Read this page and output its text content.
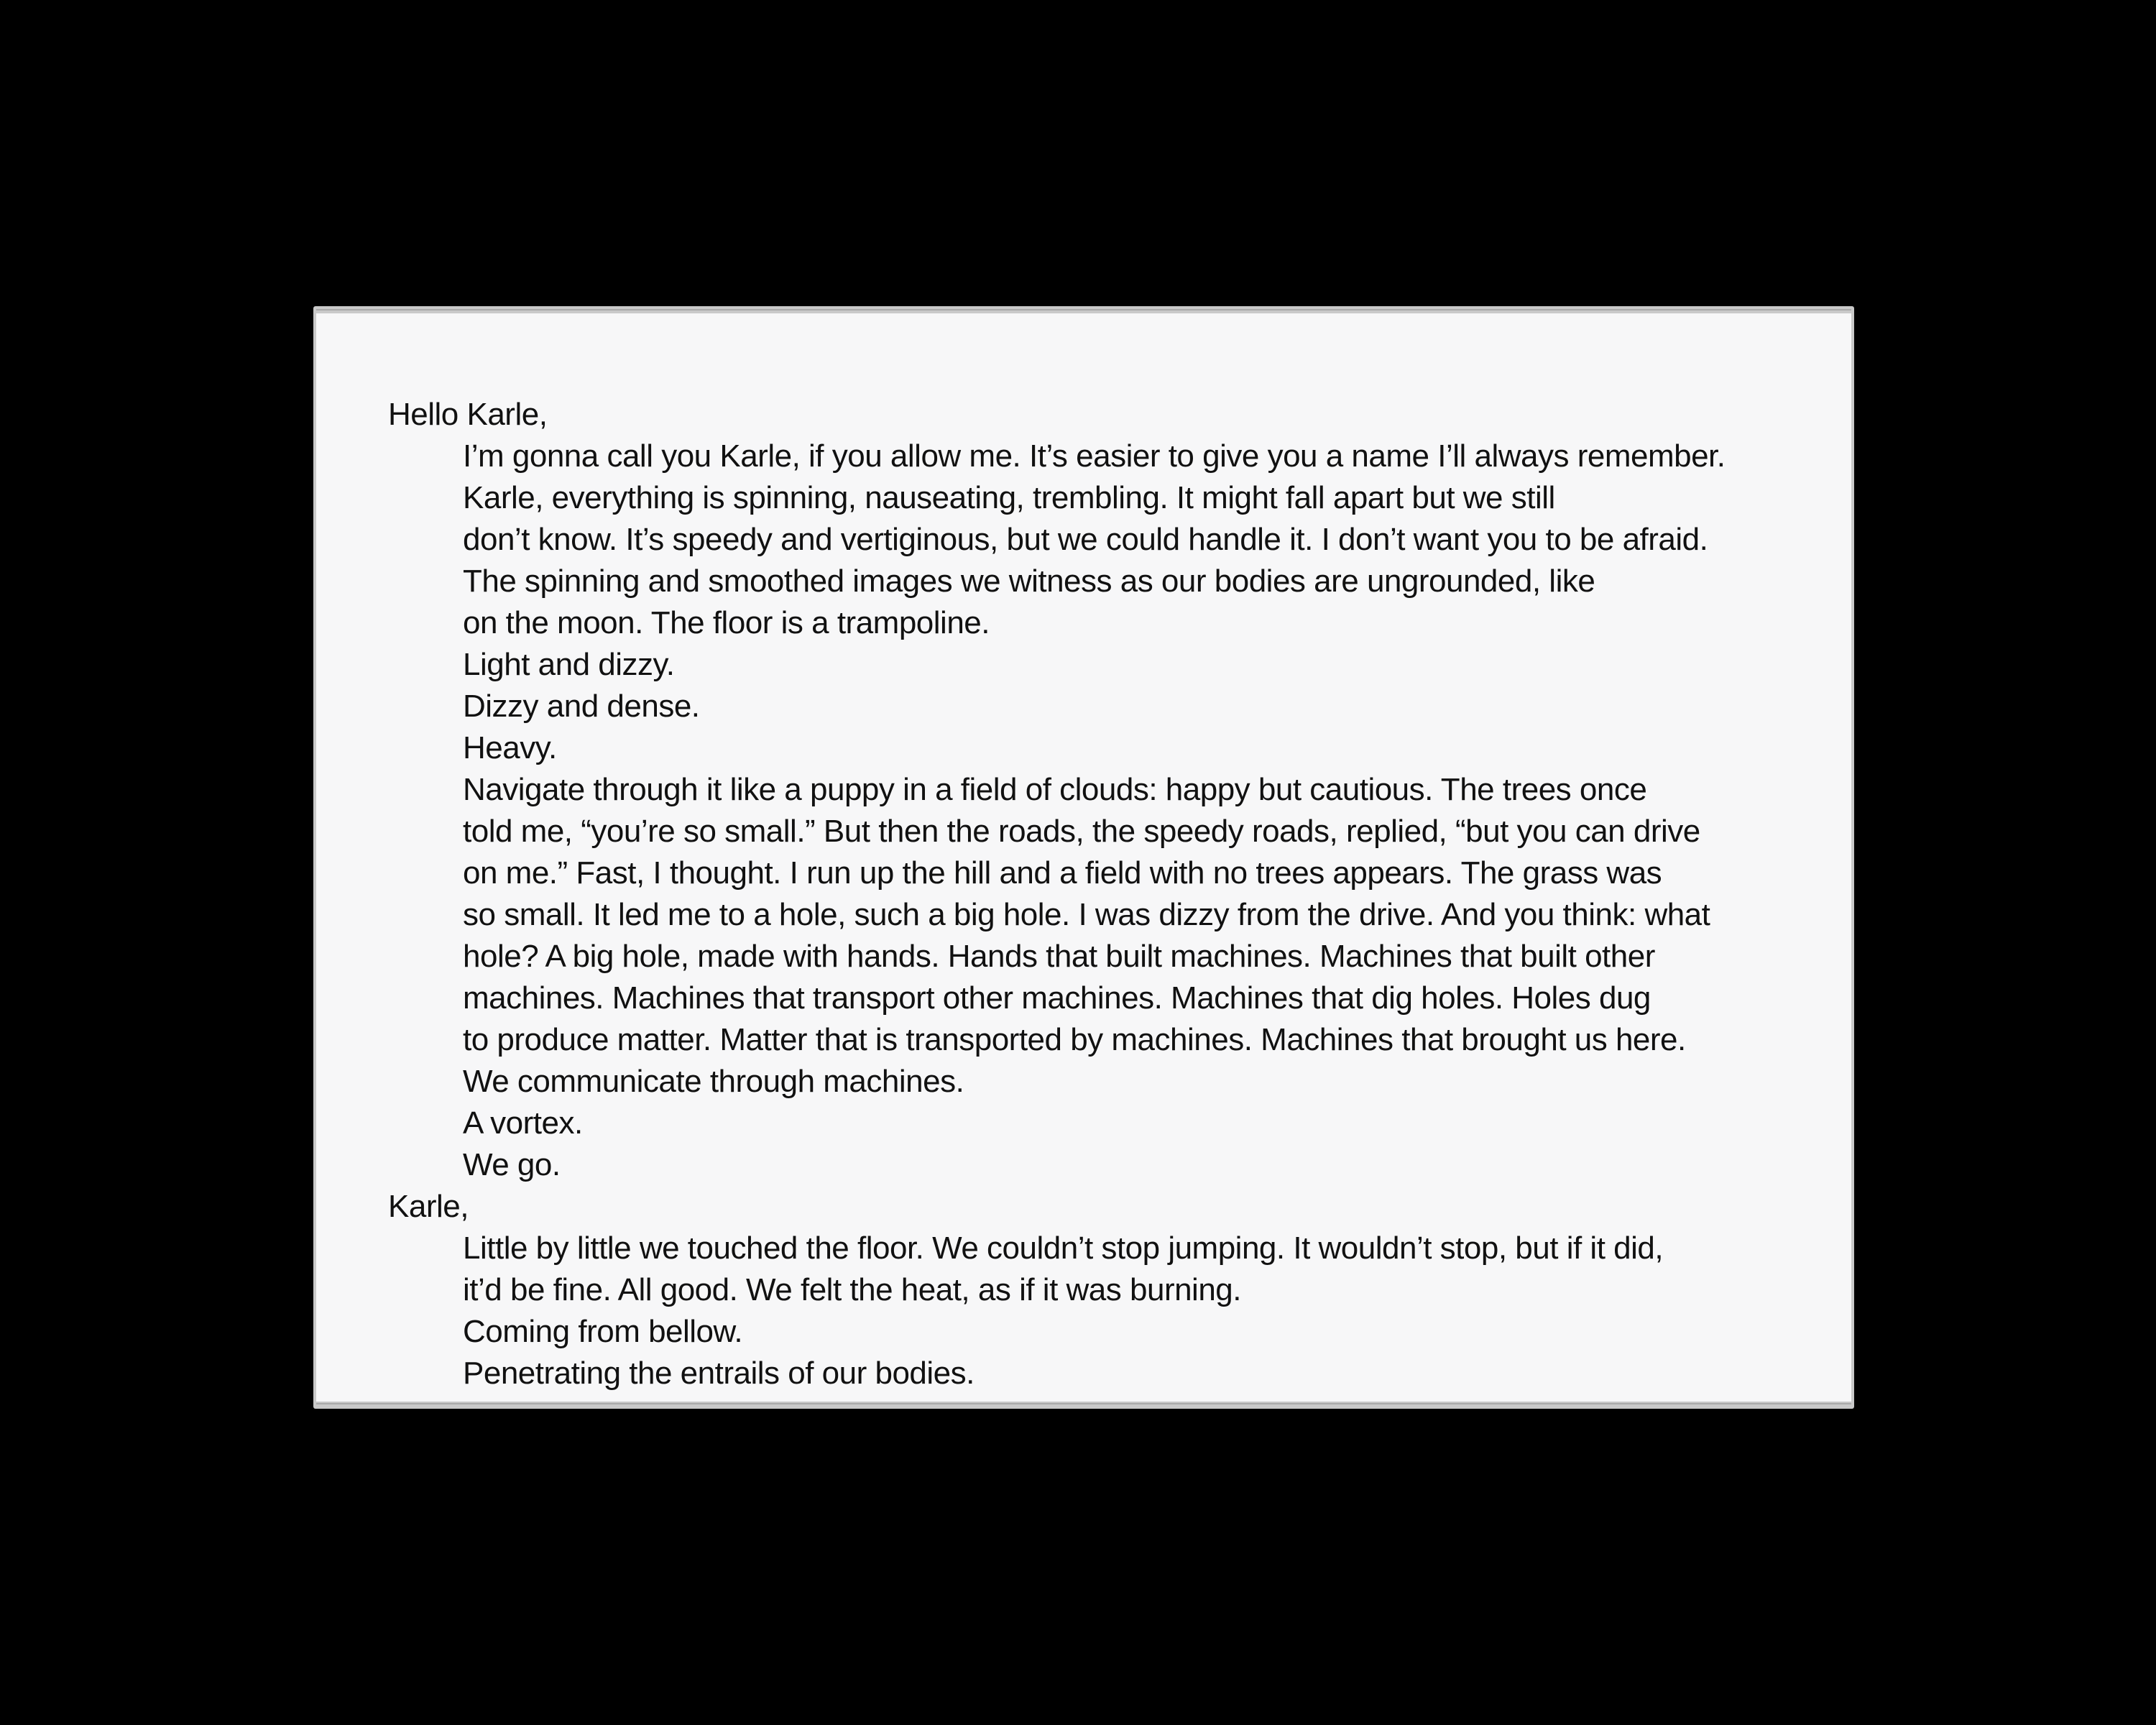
Hello Karle,

I’m gonna call you Karle, if you allow me. It’s easier to give you a name I’ll always remember.

Karle, everything is spinning, nauseating, trembling. It might fall apart but we still

don’t know. It’s speedy and vertiginous, but we could handle it. I don’t want you to be afraid.

The spinning and smoothed images we witness as our bodies are ungrounded, like

on the moon. The floor is a trampoline.

Light and dizzy.

Dizzy and dense.

Heavy.

Navigate through it like a puppy in a field of clouds: happy but cautious. The trees once

told me, “you’re so small.” But then the roads, the speedy roads, replied, “but you can drive

on me.” Fast, I thought. I run up the hill and a field with no trees appears. The grass was

so small. It led me to a hole, such a big hole. I was dizzy from the drive. And you think: what

hole? A big hole, made with hands. Hands that built machines. Machines that built other

machines. Machines that transport other machines. Machines that dig holes. Holes dug

to produce matter. Matter that is transported by machines. Machines that brought us here.

We communicate through machines.

A vortex.

We go.

Karle,

Little by little we touched the floor. We couldn’t stop jumping. It wouldn’t stop, but if it did,

it’d be fine. All good. We felt the heat, as if it was burning.

Coming from bellow.

Penetrating the entrails of our bodies.
